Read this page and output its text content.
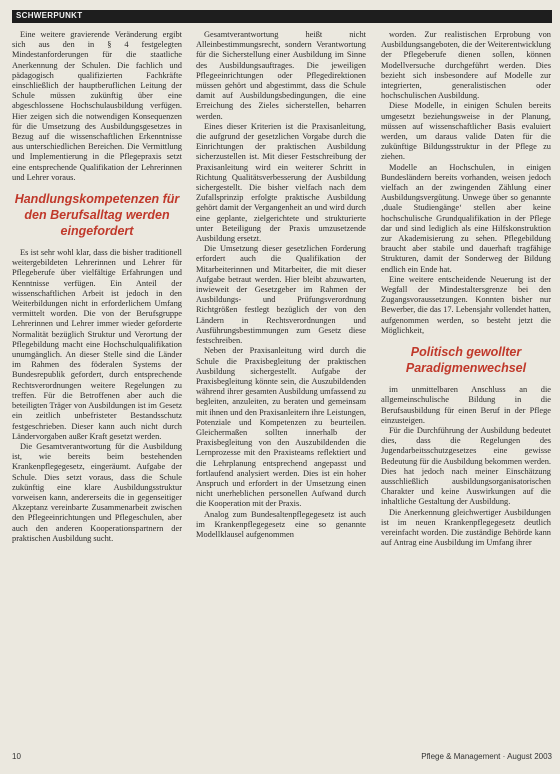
SCHWERPUNKT

Eine weitere gravierende Veränderung ergibt sich aus den in § 4 festgelegten Mindestanforderungen für die staatliche Anerkennung der Schulen. Die fachlich und pädagogisch qualifizierten Fachkräfte einschließlich der hauptberuflichen Leitung der Schule müssen zukünftig über eine abgeschlossene Hochschulausbildung verfügen. Hier zeigen sich die notwendigen Konsequenzen für die Umsetzung des Ausbildungsgesetzes in Bezug auf die wissenschaftlichen Erkenntnisse aus unterschiedlichen Bereichen. Die Vermittlung und Implementierung in die Pflegepraxis setzt eine entsprechende Qualifikation der Lehrerinnen und Lehrer voraus.

Handlungskompetenzen für
den Berufsalltag werden
eingefordert

Es ist sehr wohl klar, dass die bisher traditionell weitergebildeten Lehrerinnen und Lehrer für Pflegeberufe über vielfältige Erfahrungen und Kenntnisse verfügen. Ein Anteil der wissenschaftlichen Arbeit ist jedoch in den Weiterbildungen nicht in erforderlichem Umfang vermittelt worden. Die von der Berufsgruppe Lehrerinnen und Lehrer immer wieder geforderte Normalität bezüglich Struktur und Verortung der Pflegebildung macht eine Hochschulqualifikation unumgänglich. An dieser Stelle sind die Länder im Rahmen des föderalen Systems der Bundesrepublik gefordert, durch entsprechende Rechtsverordnungen weitere Regelungen zu treffen. Für die Betroffenen aber auch die beteiligten Träger von Ausbildungen ist im Gesetz ein zeitlich unbefristeter Bestandsschutz festgeschrieben. Dieser kann auch nicht durch Ländervorgaben außer Kraft gesetzt werden.

Die Gesamtverantwortung für die Ausbildung ist, wie bereits beim bestehenden Krankenpflegegesetz, eingeräumt. Aufgabe der Schule. Dies setzt voraus, dass die Schule zukünftig eine klare Ausbildungsstruktur vorweisen kann, andererseits die in gegenseitiger Akzeptanz vereinbarte Zusammenarbeit zwischen den Pflegeeinrichtungen und Pflegeschulen, aber auch den anderen Kooperationspartnern der praktischen Ausbildung sucht.

Gesamtverantwortung heißt nicht Alleinbestimmungsrecht, sondern Verantwortung für die Sicherstellung einer Ausbildung im Sinne des Ausbildungsauftrages. Die jeweiligen Pflegeeinrichtungen oder Pflegedirektionen müssen gehört und abgestimmt, dass die Schule damit auf Ausbildungsbedingungen, die eine Erreichung des Zieles sicherstellen, beharren werden.

Eines dieser Kriterien ist die Praxisanleitung, die aufgrund der gesetzlichen Vorgabe durch die Einrichtungen der praktischen Ausbildung sicherzustellen ist. Mit dieser Festschreibung der Praxisanleitung wird ein weiterer Schritt in Richtung Qualitätsverbesserung der Ausbildung sichergestellt. Die bisher vielfach nach dem Zufallsprinzip erfolgte praktische Ausbildung gehört damit der Vergangenheit an und wird durch eine geplante, zielgerichtete und strukturierte unter Beteiligung der Praxis umzusetzende Ausbildung ersetzt.

Die Umsetzung dieser gesetzlichen Forderung erfordert auch die Qualifikation der Mitarbeiterinnen und Mitarbeiter, die mit dieser Aufgabe betraut werden. Hier bleibt abzuwarten, inwieweit der Gesetzgeber im Rahmen der Ausbildungs- und Prüfungsverordnung Richtgrößen festlegt bezüglich der von den Ländern in Rechtsverordnungen und Ausführungsbestimmungen zum Gesetz diese festschreiben.

Neben der Praxisanleitung wird durch die Schule die Praxisbegleitung der praktischen Ausbildung sichergestellt. Aufgabe der Praxisbegleitung könnte sein, die Auszubildenden während ihrer gesamten Ausbildung umfassend zu begleiten, anzuleiten, zu beraten und gemeinsam mit ihnen und den Praxisanleitern ihre Leistungen, Potenziale und Kompetenzen zu beurteilen. Gleichermaßen sollten innerhalb der Praxisbegleitung von den Auszubildenden die Lernprozesse mit den Praxisteams reflektiert und die Lehrplanung entsprechend angepasst und fortlaufend analysiert werden. Dies ist ein hoher Anspruch und erfordert in der Umsetzung einen nicht unerheblichen personellen Aufwand durch die Kooperation mit der Praxis.

Analog zum Bundesaltenpflegegesetz ist auch im Krankenpflegegesetz eine so genannte Modellklausel aufgenommen

worden. Zur realistischen Erprobung von Ausbildungsangeboten, die der Weiterentwicklung der Pflegeberufe dienen sollen, können Modellversuche durchgeführt werden. Dies bezieht sich insbesondere auf Modelle zur integrierten, generalistischen oder hochschulischen Ausbildung.

Diese Modelle, in einigen Schulen bereits umgesetzt beziehungsweise in der Planung, müssen auf wissenschaftlicher Basis evaluiert werden, um daraus valide Daten für die zukünftige Bildungsstruktur in der Pflege zu ziehen.

Modelle an Hochschulen, in einigen Bundesländern bereits vorhanden, weisen jedoch vielfach an der zwingenden Zählung einer Ausbildungsvergütung. Unwege über so genannte ‚duale Studiengänge‘ stellen aber keine hochschulische Grundqualifikation in der Pflege dar und sind lediglich als eine Hilfskonstruktion zur Akademisierung zu sehen. Pflegebildung braucht aber stabile und dauerhaft tragfähige Strukturen, damit der Sonderweg der Bildung endlich ein Ende hat.

Eine weitere entscheidende Neuerung ist der Wegfall der Mindestaltersgrenze bei den Zugangsvoraussetzungen. Konnten bisher nur Bewerber, die das 17. Lebensjahr vollendet hatten, aufgenommen werden, so besteht jetzt die Möglichkeit,

Politisch gewollter
Paradigmenwechsel

im unmittelbaren Anschluss an die allgemeinschulische Bildung in die Berufsausbildung für einen Beruf in der Pflege einzusteigen.

Für die Durchführung der Ausbildung bedeutet dies, dass die Regelungen des Jugendarbeitsschutzgesetzes eine gewisse Bedeutung für die Ausbildung bekommen werden. Dies hat jedoch nach meiner Einschätzung ausschließlich ausbildungsorganisatorischen Charakter und keine Auswirkungen auf die inhaltliche Gestaltung der Ausbildung.

Die Anerkennung gleichwertiger Ausbildungen ist im neuen Krankenpflegegesetz deutlich vereinfacht worden. Die zuständige Behörde kann auf Antrag eine Ausbildung im Umfang ihrer

10	Pflege & Management · August 2003
